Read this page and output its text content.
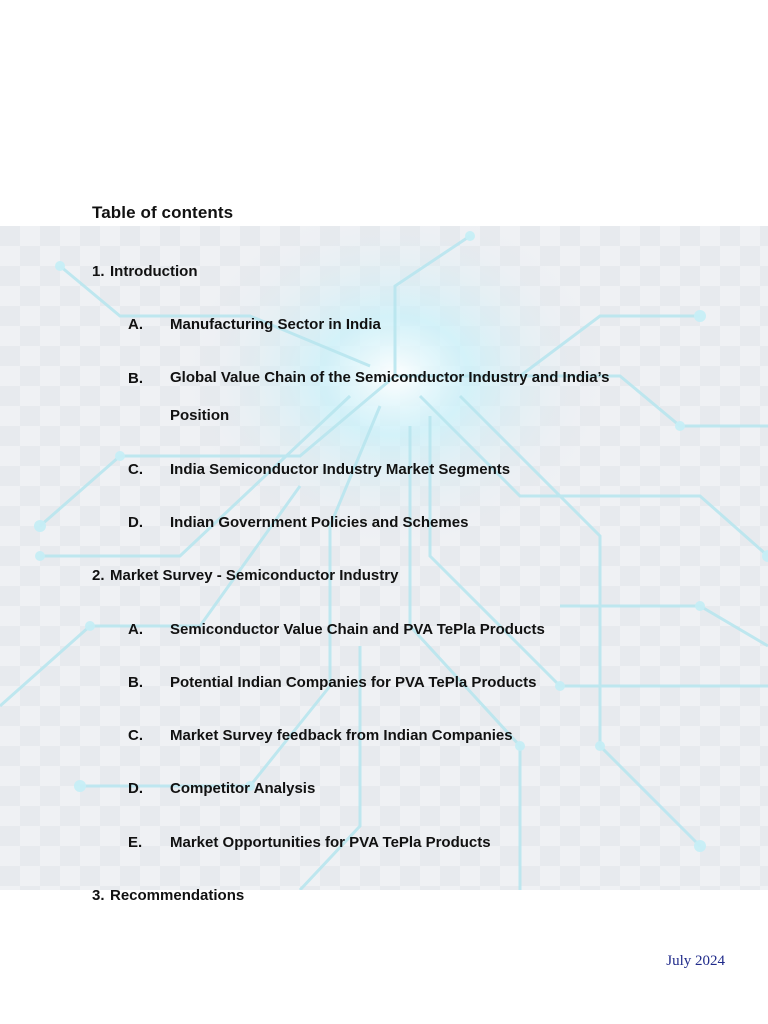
Table of contents
1. Introduction
A. Manufacturing Sector in India
B. Global Value Chain of the Semiconductor Industry and India’s Position
C. India Semiconductor Industry Market Segments
D. Indian Government Policies and Schemes
2. Market Survey - Semiconductor Industry
A. Semiconductor Value Chain and PVA TePla Products
B. Potential Indian Companies for PVA TePla Products
C. Market Survey feedback from Indian Companies
D. Competitor Analysis
E. Market Opportunities for PVA TePla Products
3. Recommendations
July 2024
